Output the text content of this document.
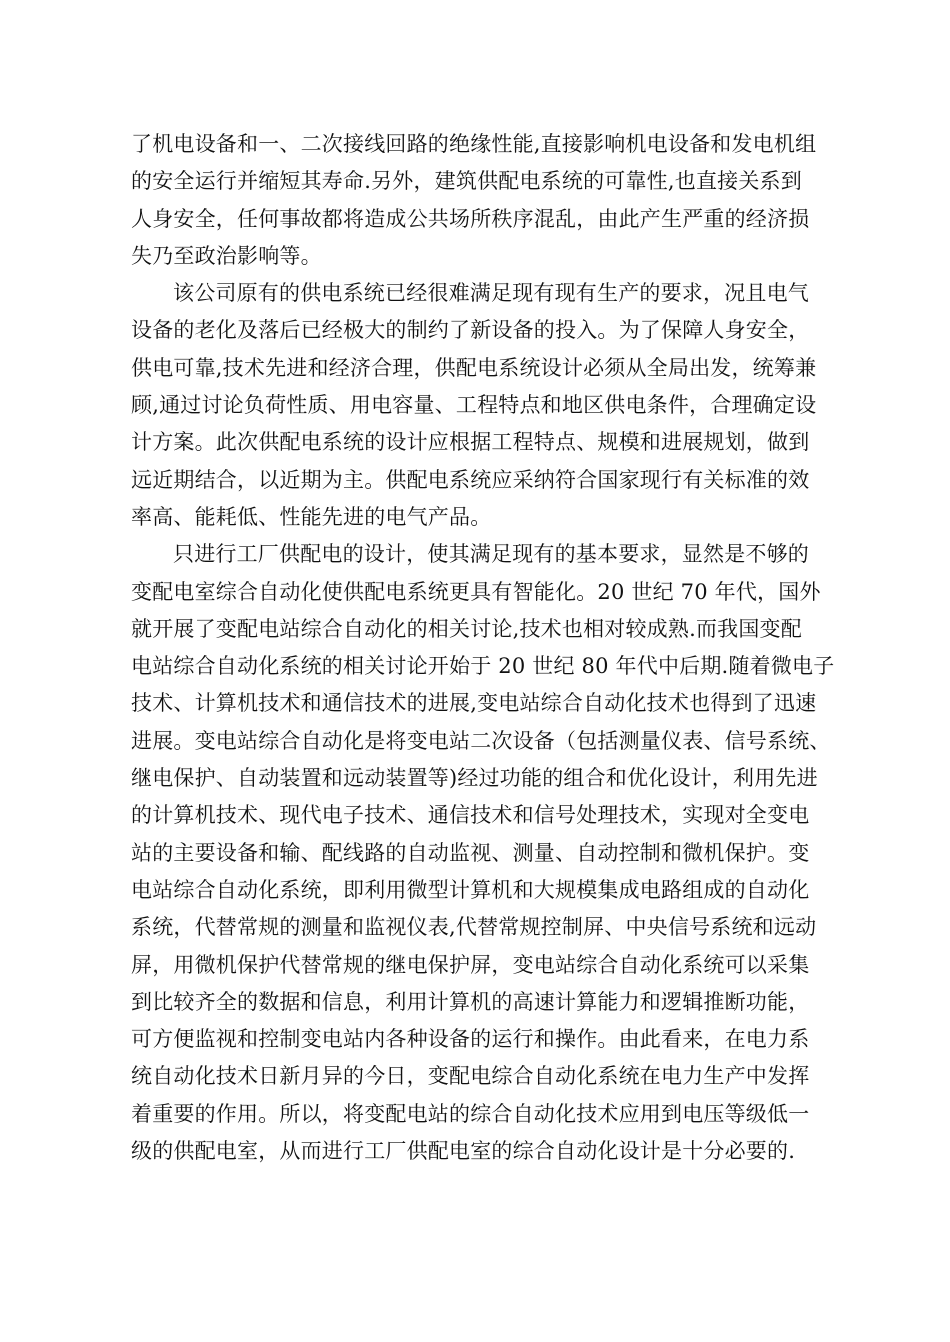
了机电设备和一、二次接线回路的绝缘性能,直接影响机电设备和发电机组
的安全运行并缩短其寿命.另外，建筑供配电系统的可靠性,也直接关系到
人身安全，任何事故都将造成公共场所秩序混乱，由此产生严重的经济损
失乃至政治影响等。
该公司原有的供电系统已经很难满足现有现有生产的要求，况且电气
设备的老化及落后已经极大的制约了新设备的投入。为了保障人身安全，
供电可靠,技术先进和经济合理，供配电系统设计必须从全局出发，统筹兼
顾,通过讨论负荷性质、用电容量、工程特点和地区供电条件，合理确定设
计方案。此次供配电系统的设计应根据工程特点、规模和进展规划，做到
远近期结合，以近期为主。供配电系统应采纳符合国家现行有关标准的效
率高、能耗低、性能先进的电气产品。
只进行工厂供配电的设计，使其满足现有的基本要求，显然是不够的
变配电室综合自动化使供配电系统更具有智能化。20 世纪 70 年代，国外
就开展了变配电站综合自动化的相关讨论,技术也相对较成熟.而我国变配
电站综合自动化系统的相关讨论开始于 20 世纪 80 年代中后期.随着微电子
技术、计算机技术和通信技术的进展,变电站综合自动化技术也得到了迅速
进展。变电站综合自动化是将变电站二次设备（包括测量仪表、信号系统、
继电保护、自动装置和远动装置等)经过功能的组合和优化设计，利用先进
的计算机技术、现代电子技术、通信技术和信号处理技术，实现对全变电
站的主要设备和输、配线路的自动监视、测量、自动控制和微机保护。变
电站综合自动化系统，即利用微型计算机和大规模集成电路组成的自动化
系统，代替常规的测量和监视仪表,代替常规控制屏、中央信号系统和远动
屏，用微机保护代替常规的继电保护屏，变电站综合自动化系统可以采集
到比较齐全的数据和信息，利用计算机的高速计算能力和逻辑推断功能，
可方便监视和控制变电站内各种设备的运行和操作。由此看来，在电力系
统自动化技术日新月异的今日，变配电综合自动化系统在电力生产中发挥
着重要的作用。所以，将变配电站的综合自动化技术应用到电压等级低一
级的供配电室，从而进行工厂供配电室的综合自动化设计是十分必要的.
